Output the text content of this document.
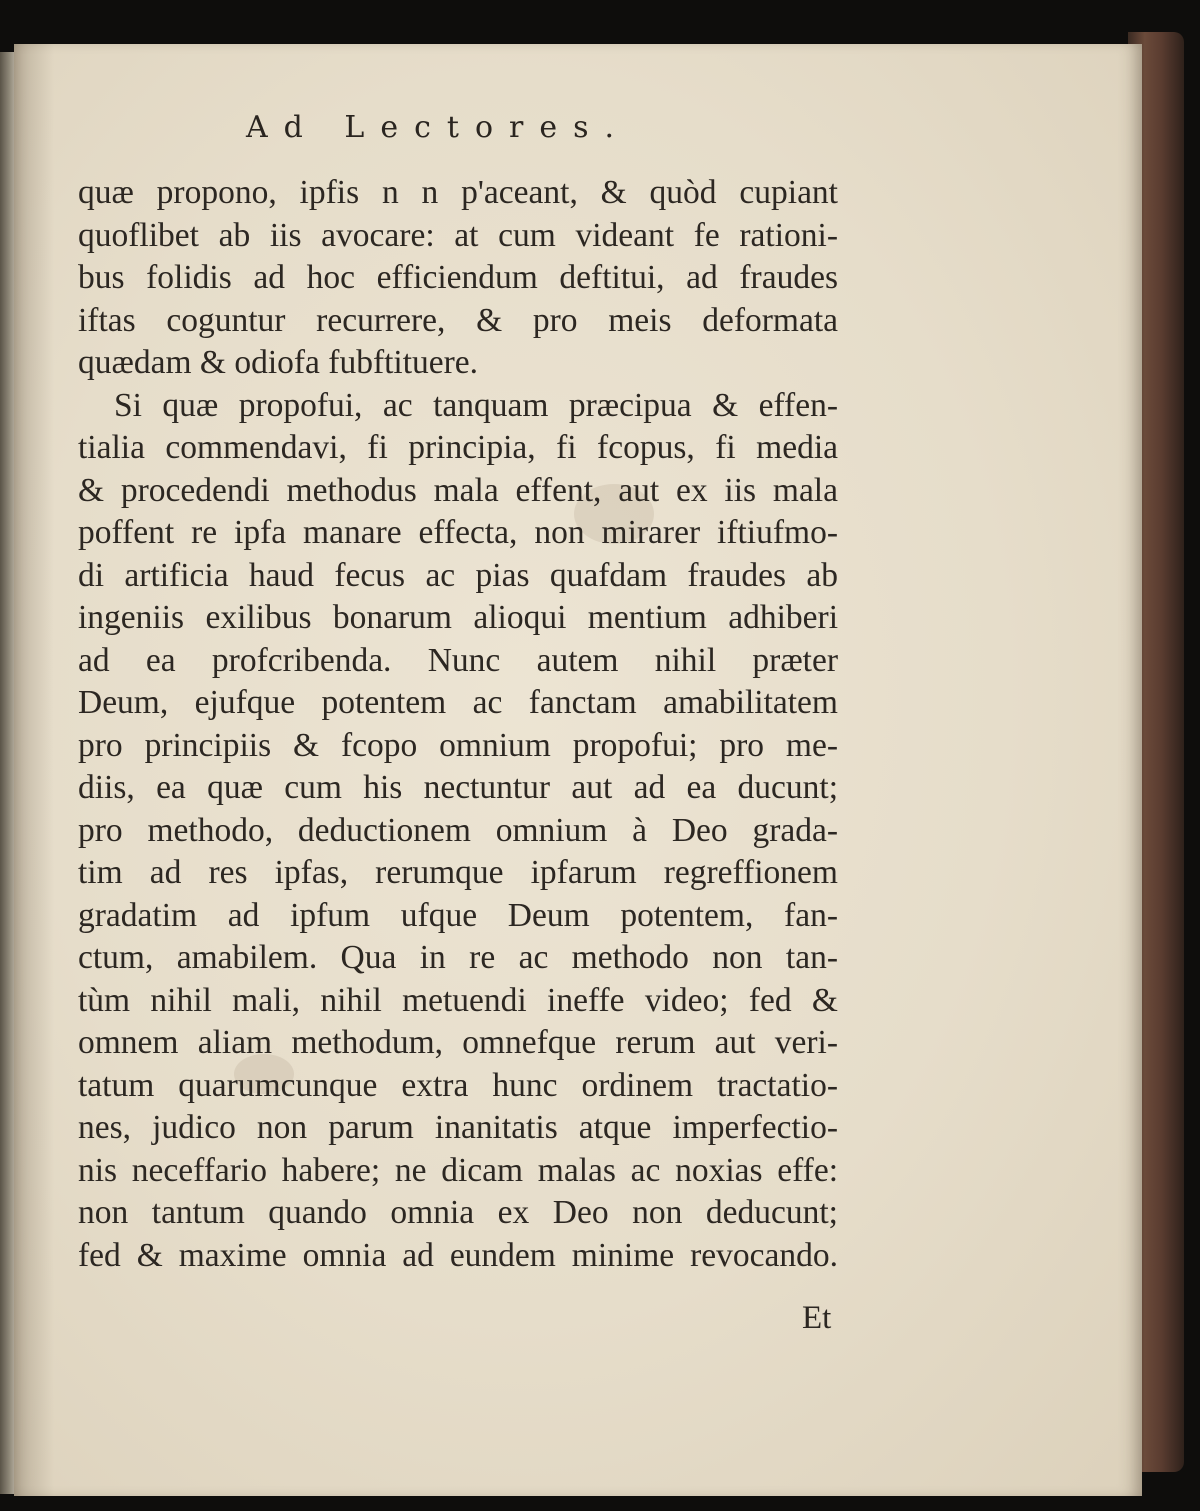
Ad Lectores.
quæ propono, ipfis n n p'aceant, & quòd cupiant
quoflibet ab iis avocare: at cum videant fe rationi-
bus folidis ad hoc efficiendum deftitui, ad fraudes
iftas coguntur recurrere, & pro meis deformata
quædam & odiofa fubftituere.
Si quæ propofui, ac tanquam præcipua & effen-
tialia commendavi, fi principia, fi fcopus, fi media
& procedendi methodus mala effent, aut ex iis mala
poffent re ipfa manare effecta, non mirarer iftiufmo-
di artificia haud fecus ac pias quafdam fraudes ab
ingeniis exilibus bonarum alioqui mentium adhiberi
ad ea profcribenda. Nunc autem nihil præter
Deum, ejufque potentem ac fanctam amabilitatem
pro principiis & fcopo omnium propofui; pro me-
diis, ea quæ cum his nectuntur aut ad ea ducunt;
pro methodo, deductionem omnium à Deo grada-
tim ad res ipfas, rerumque ipfarum regreffionem
gradatim ad ipfum ufque Deum potentem, fan-
ctum, amabilem. Qua in re ac methodo non tan-
tùm nihil mali, nihil metuendi ineffe video; fed &
omnem aliam methodum, omnefque rerum aut veri-
tatum quarumcunque extra hunc ordinem tractatio-
nes, judico non parum inanitatis atque imperfectio-
nis neceffario habere; ne dicam malas ac noxias effe:
non tantum quando omnia ex Deo non deducunt;
fed & maxime omnia ad eundem minime revocando.

Et
